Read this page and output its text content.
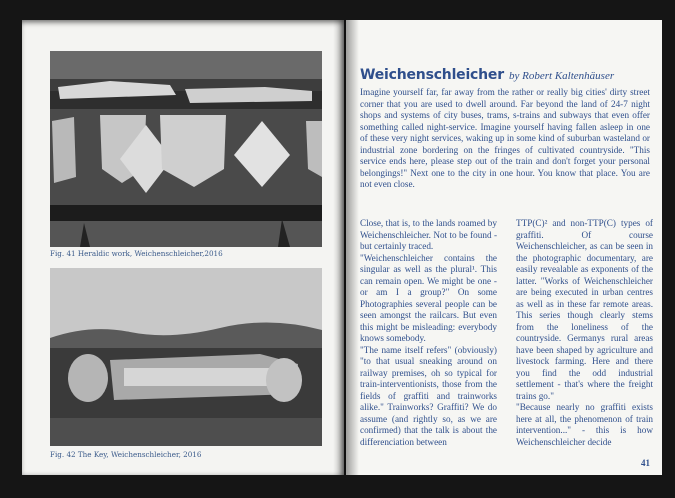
Fig. 41 Heraldic work, Weichenschleicher,2016
Fig. 42 The Key, Weichenschleicher, 2016
Weichenschleicher by Robert Kaltenhäuser
Imagine yourself far, far away from the rather or really big cities' dirty street corner that you are used to dwell around. Far beyond the land of 24-7 night shops and systems of city buses, trams, s-trains and subways that even offer something called night-service. Imagine yourself having fallen asleep in one of these very night services, waking up in some kind of suburban wasteland or industrial zone bordering on the fringes of cultivated countryside. "This service ends here, please step out of the train and don't forget your personal belongings!" Next one to the city in one hour. You know that place. You are not even close.

Close, that is, to the lands roamed by Weichenschleicher. Not to be found - but certainly traced.

"Weichenschleicher contains the singular as well as the plural¹. This can remain open. We might be one - or am I a group?" On some Photographies several people can be seen amongst the railcars. But even this might be misleading: everybody knows somebody.

"The name itself refers" (obviously) "to that usual sneaking around on railway premises, oh so typical for train-interventionists, those from the fields of graffiti and trainworks alike." Trainworks? Graffiti? We do assume (and rightly so, as we are confirmed) that the talk is about the differenciation between

TTP(C)² and non-TTP(C) types of graffiti. Of course Weichenschleicher, as can be seen in the photographic documentary, are easily revealable as exponents of the latter. "Works of Weichenschleicher are being executed in urban centres as well as in these far remote areas. This series though clearly stems from the loneliness of the countryside. Germanys rural areas have been shaped by agriculture and livestock farming. Here and there you find the odd industrial settlement - that's where the freight trains go."

"Because nearly no graffiti exists here at all, the phenomenon of train intervention..." - this is how Weichenschleicher decide

41
